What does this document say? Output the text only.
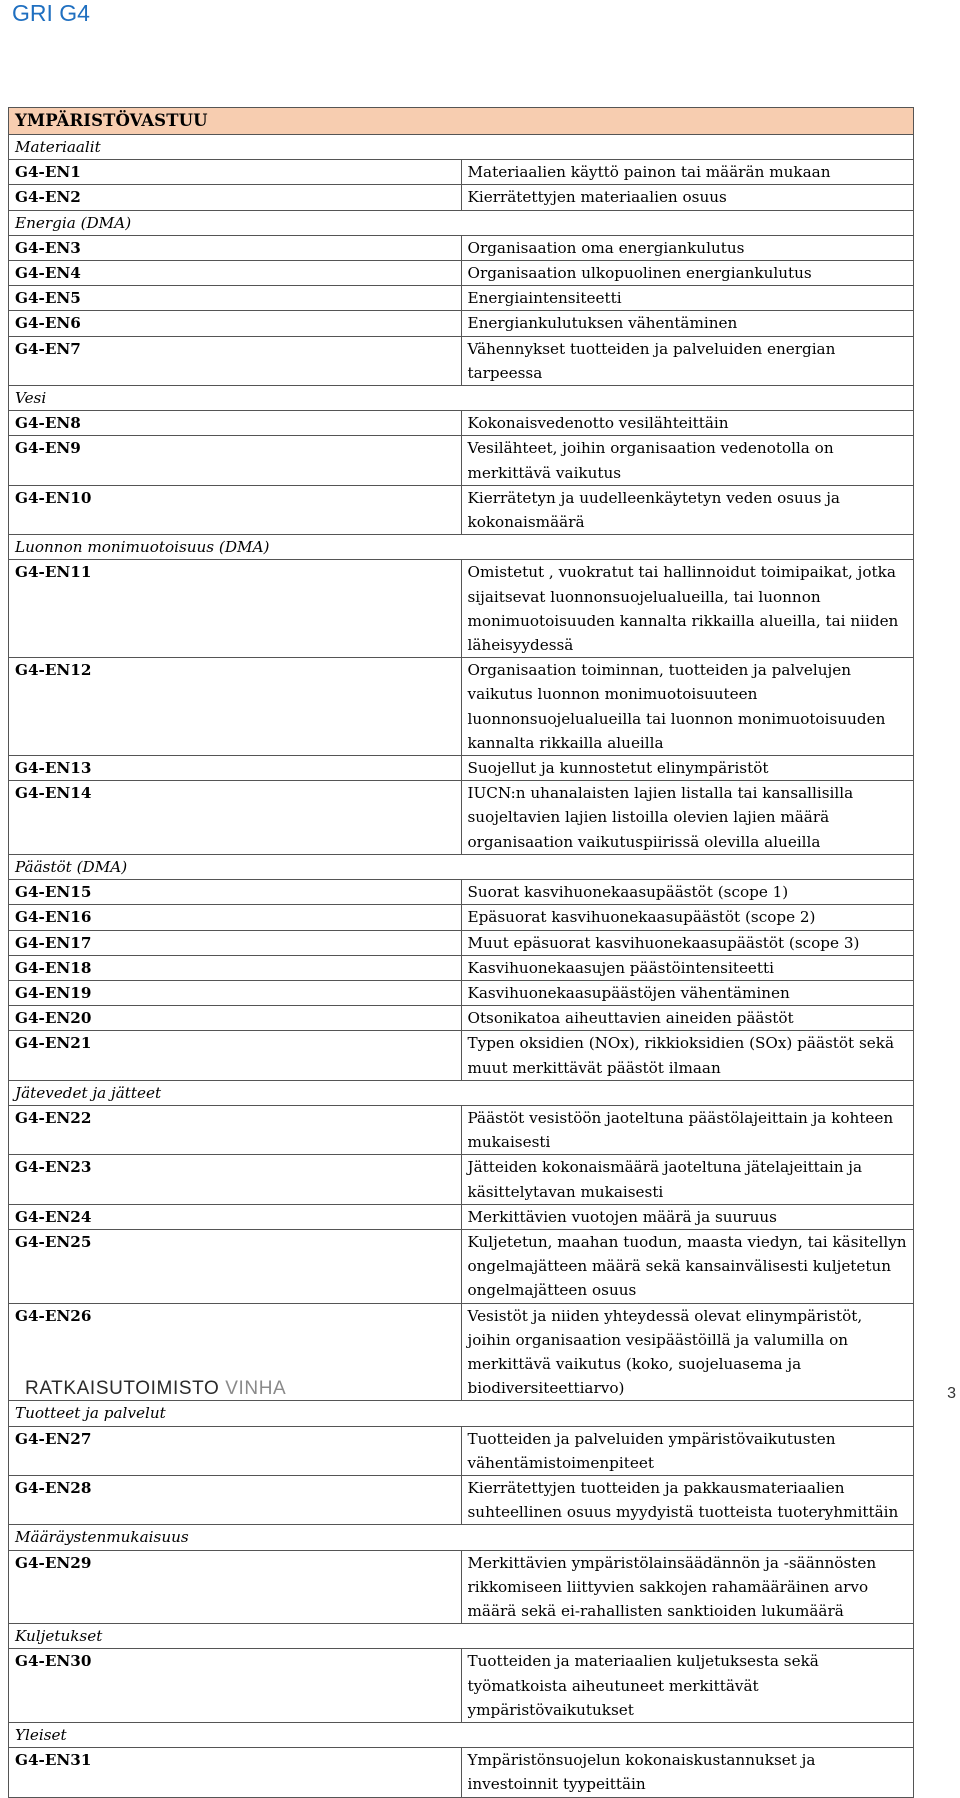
GRI G4
YMPÄRISTÖVASTUU	
Materiaalit	
G4-EN1	Materiaalien käyttö painon tai määrän mukaan
G4-EN2	Kierrätettyjen materiaalien osuus
Energia (DMA)	
G4-EN3	Organisaation oma energiankulutus
G4-EN4	Organisaation ulkopuolinen energiankulutus
G4-EN5	Energiaintensiteetti
G4-EN6	Energiankulutuksen vähentäminen
G4-EN7	Vähennykset tuotteiden ja palveluiden energian tarpeessa
Vesi	
G4-EN8	Kokonaisvedenotto vesilähteittäin
G4-EN9	Vesilähteet, joihin organisaation vedenotolla on merkittävä vaikutus
G4-EN10	Kierrätetyn ja uudelleenkäytetyn veden osuus ja kokonaismäärä
Luonnon monimuotoisuus (DMA)	
G4-EN11	Omistetut , vuokratut tai hallinnoidut toimipaikat, jotka sijaitsevat luonnonsuojelualueilla, tai luonnon monimuotoisuuden kannalta rikkailla alueilla, tai niiden läheisyydessä
G4-EN12	Organisaation toiminnan, tuotteiden ja palvelujen vaikutus luonnon monimuotoisuuteen luonnonsuojelualueilla tai luonnon monimuotoisuuden kannalta rikkailla alueilla
G4-EN13	Suojellut ja kunnostetut elinympäristöt
G4-EN14	IUCN:n uhanalaisten lajien listalla tai kansallisilla suojeltavien lajien listoilla olevien lajien määrä organisaation vaikutuspiirissä olevilla alueilla
Päästöt (DMA)	
G4-EN15	Suorat kasvihuonekaasupäästöt (scope 1)
G4-EN16	Epäsuorat kasvihuonekaasupäästöt (scope 2)
G4-EN17	Muut epäsuorat kasvihuonekaasupäästöt (scope 3)
G4-EN18	Kasvihuonekaasujen päästöintensiteetti
G4-EN19	Kasvihuonekaasupäästöjen vähentäminen
G4-EN20	Otsonikatoa aiheuttavien aineiden päästöt
G4-EN21	Typen oksidien (NOx), rikkioksidien (SOx) päästöt sekä muut merkittävät päästöt ilmaan
Jätevedet ja jätteet	
G4-EN22	Päästöt vesistöön jaoteltuna päästölajeittain ja kohteen mukaisesti
G4-EN23	Jätteiden kokonaismäärä jaoteltuna jätelajeittain ja käsittelytavan mukaisesti
G4-EN24	Merkittävien vuotojen määrä ja suuruus
G4-EN25	Kuljetetun, maahan tuodun, maasta viedyn, tai käsitellyn ongelmajätteen määrä sekä kansainvälisesti kuljetetun ongelmajätteen osuus
G4-EN26	Vesistöt ja niiden yhteydessä olevat elinympäristöt, joihin organisaation vesipäästöillä ja valumilla on merkittävä vaikutus (koko, suojeluasema ja biodiversiteettiarvo)
Tuotteet ja palvelut	
G4-EN27	Tuotteiden ja palveluiden ympäristövaikutusten vähentämistoimenpiteet
G4-EN28	Kierrätettyjen tuotteiden ja pakkausmateriaalien suhteellinen osuus myydyistä tuotteista tuoteryhmittäin
Määräystenmukaisuus	
G4-EN29	Merkittävien ympäristölainsäädännön ja -säännösten rikkomiseen liittyvien sakkojen rahamääräinen arvo määrä sekä ei-rahallisten sanktioiden lukumäärä
Kuljetukset	
G4-EN30	Tuotteiden ja materiaalien kuljetuksesta sekä työmatkoista aiheutuneet merkittävät ympäristövaikutukset
Yleiset	
G4-EN31	Ympäristönsuojelun kokonaiskustannukset ja investoinnit tyypeittäin
RATKAISUTOIMISTO VINHA	3
